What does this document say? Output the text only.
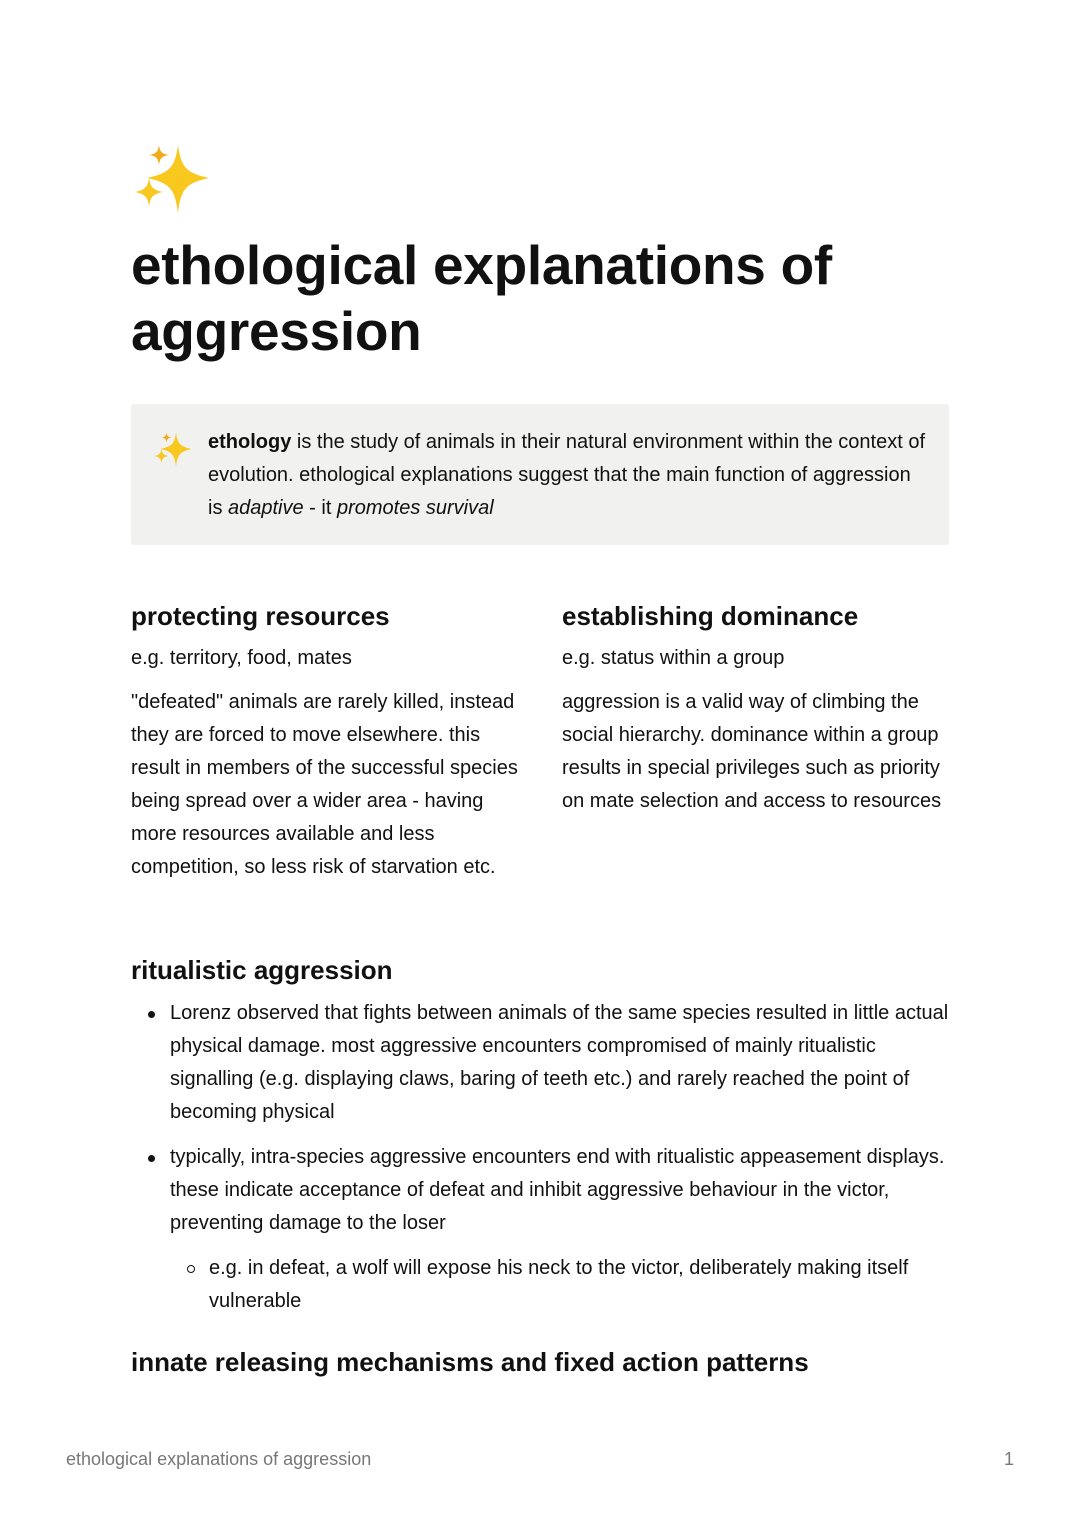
ethological explanations of aggression
ethology is the study of animals in their natural environment within the context of evolution. ethological explanations suggest that the main function of aggression is adaptive - it promotes survival
protecting resources
e.g. territory, food, mates
"defeated" animals are rarely killed, instead they are forced to move elsewhere. this result in members of the successful species being spread over a wider area - having more resources available and less competition, so less risk of starvation etc.
establishing dominance
e.g. status within a group
aggression is a valid way of climbing the social hierarchy. dominance within a group results in special privileges such as priority on mate selection and access to resources
ritualistic aggression
Lorenz observed that fights between animals of the same species resulted in little actual physical damage. most aggressive encounters compromised of mainly ritualistic signalling (e.g. displaying claws, baring of teeth etc.) and rarely reached the point of becoming physical
typically, intra-species aggressive encounters end with ritualistic appeasement displays. these indicate acceptance of defeat and inhibit aggressive behaviour in the victor, preventing damage to the loser
e.g. in defeat, a wolf will expose his neck to the victor, deliberately making itself vulnerable
innate releasing mechanisms and fixed action patterns
ethological explanations of aggression	1
